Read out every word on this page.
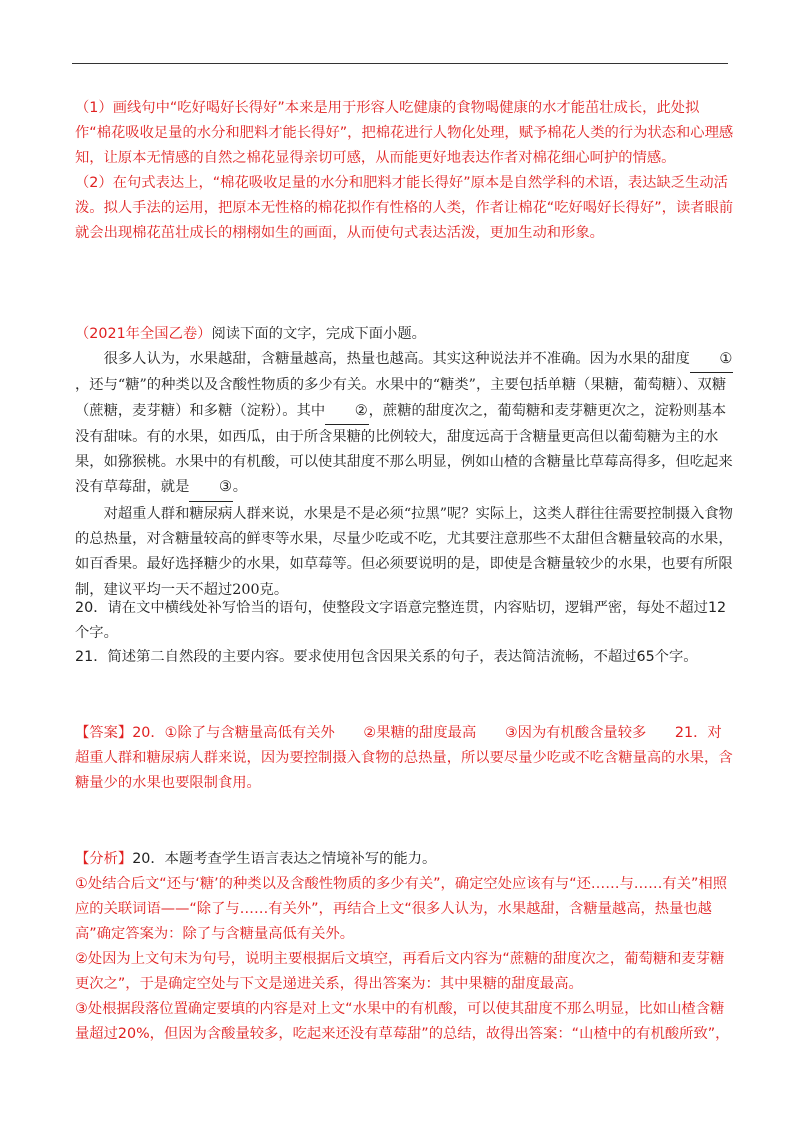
（1）画线句中“吃好喝好长得好”本来是用于形容人吃健康的食物喝健康的水才能茁壮成长，此处拟作“棉花吸收足量的水分和肥料才能长得好”，把棉花进行人物化处理，赋予棉花人类的行为状态和心理感知，让原本无情感的自然之棉花显得亲切可感，从而能更好地表达作者对棉花细心呵护的情感。

（2）在句式表达上，“棉花吸收足量的水分和肥料才能长得好”原本是自然学科的术语，表达缺乏生动活泼。拟人手法的运用，把原本无性格的棉花拟作有性格的人类，作者让棉花“吃好喝好长得好”，读者眼前就会出现棉花茁壮成长的栩栩如生的画面，从而使句式表达活泼，更加生动和形象。

（2021年全国乙卷）阅读下面的文字，完成下面小题。

很多人认为，水果越甜，含糖量越高，热量也越高。其实这种说法并不准确。因为水果的甜度 ①，还与“糖”的种类以及含酸性物质的多少有关。水果中的“糖类”，主要包括单糖（果糖，葡萄糖）、双糖（蔗糖，麦芽糖）和多糖（淀粉）。其中 ②，蔗糖的甜度次之，葡萄糖和麦芽糖更次之，淀粉则基本没有甜味。有的水果，如西瓜，由于所含果糖的比例较大，甜度远高于含糖量更高但以葡萄糖为主的水果，如猕猴桃。水果中的有机酸，可以使其甜度不那么明显，例如山楂的含糖量比草莓高得多，但吃起来没有草莓甜，就是 ③。

对超重人群和糖尿病人群来说，水果是不是必须“拉黑”呢？实际上，这类人群往往需要控制摄入食物的总热量，对含糖量较高的鲜枣等水果，尽量少吃或不吃，尤其要注意那些不太甜但含糖量较高的水果，如百香果。最好选择糖少的水果，如草莓等。但必须要说明的是，即使是含糖量较少的水果，也要有所限制，建议平均一天不超过200克。

20．请在文中横线处补写恰当的语句，使整段文字语意完整连贯，内容贴切，逻辑严密，每处不超过12个字。

21．简述第二自然段的主要内容。要求使用包含因果关系的句子，表达简洁流畅，不超过65个字。

【答案】20．①除了与含糖量高低有关外　　②果糖的甜度最高　　③因为有机酸含量较多　　21．对超重人群和糖尿病人群来说，因为要控制摄入食物的总热量，所以要尽量少吃或不吃含糖量高的水果，含糖量少的水果也要限制食用。

【分析】20．本题考查学生语言表达之情境补写的能力。

①处结合后文“还与‘糖’的种类以及含酸性物质的多少有关”，确定空处应该有与“还……与……有关”相照应的关联词语——“除了与……有关外”，再结合上文“很多人认为，水果越甜，含糖量越高，热量也越高”确定答案为：除了与含糖量高低有关外。

②处因为上文句末为句号，说明主要根据后文填空，再看后文内容为“蔗糖的甜度次之，葡萄糖和麦芽糖更次之”，于是确定空处与下文是递进关系，得出答案为：其中果糖的甜度最高。

③处根据段落位置确定要填的内容是对上文“水果中的有机酸，可以使其甜度不那么明显，比如山楂含糖量超过20%，但因为含酸量较多，吃起来还没有草莓甜”的总结，故得出答案：“山楂中的有机酸所致”，
